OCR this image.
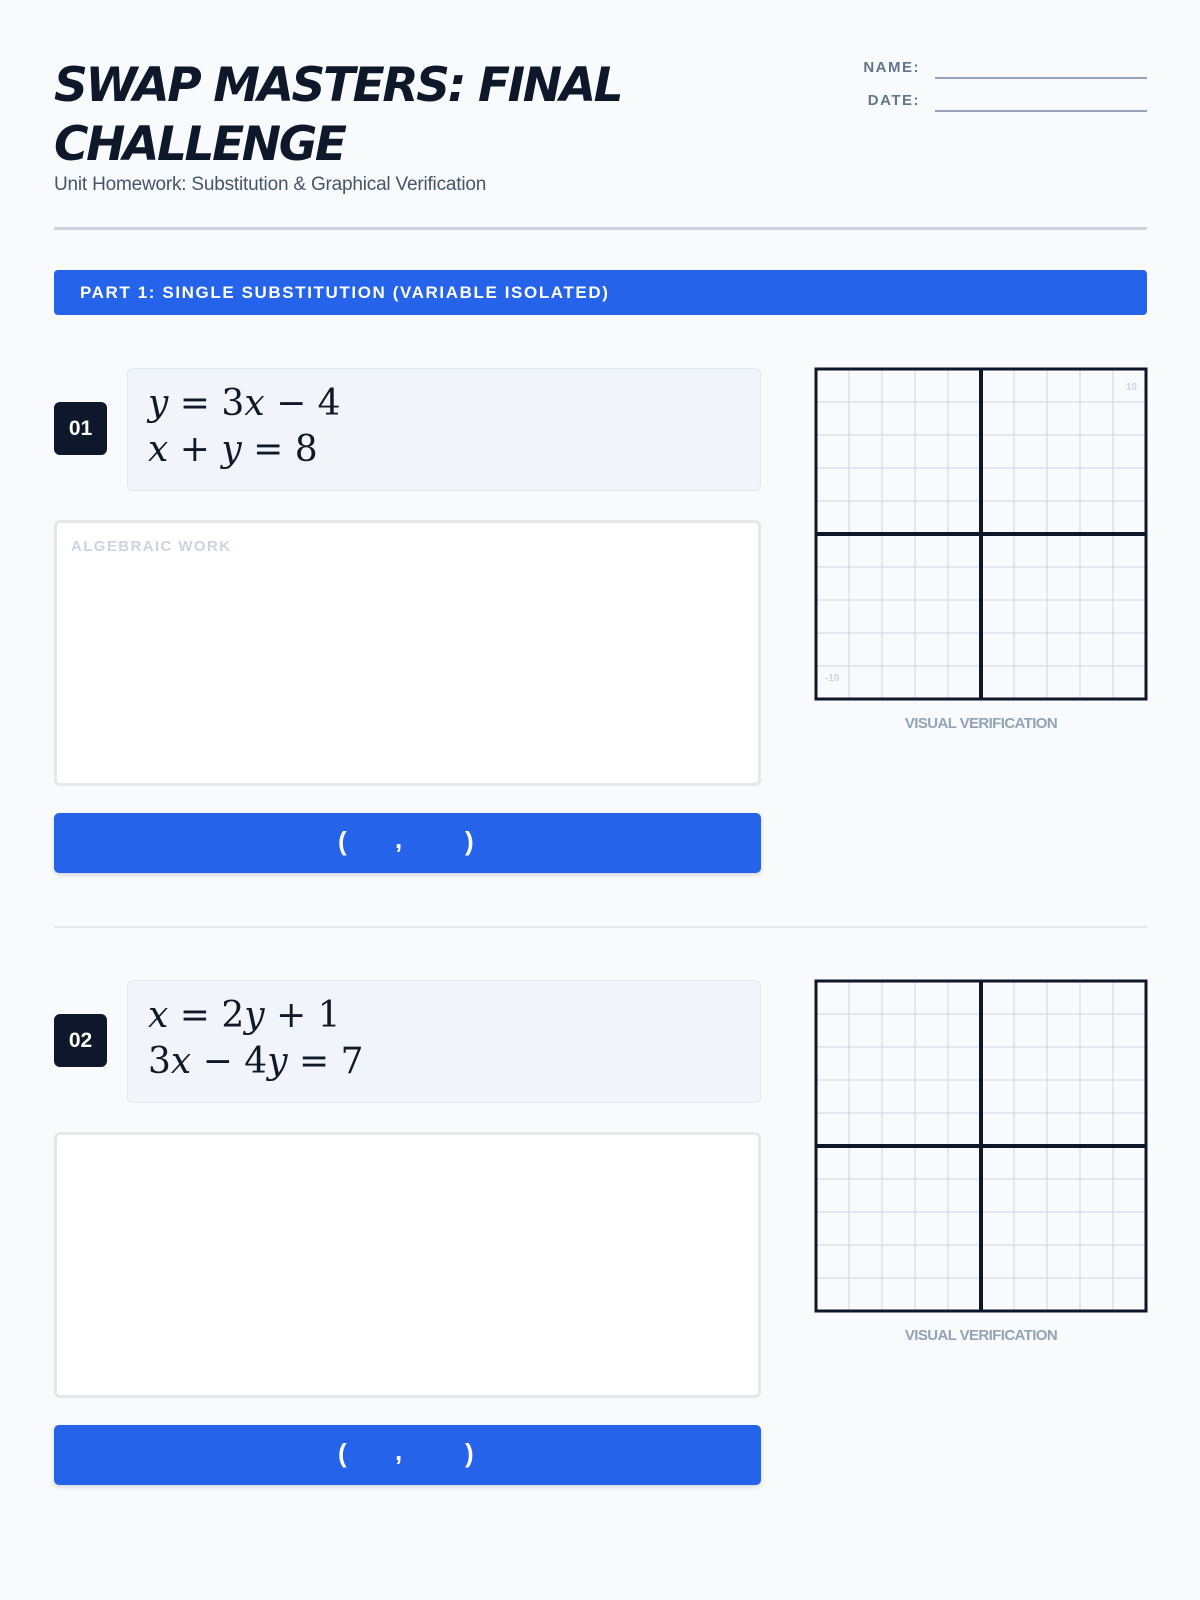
SWAP MASTERS: FINAL CHALLENGE
Unit Homework: Substitution & Graphical Verification
NAME:
DATE:
PART 1: SINGLE SUBSTITUTION (VARIABLE ISOLATED)
01
y = 3x − 4
x + y = 8
ALGEBRAIC WORK
( , )
10
-10
VISUAL VERIFICATION
02
x = 2y + 1
3x − 4y = 7
( , )
VISUAL VERIFICATION
